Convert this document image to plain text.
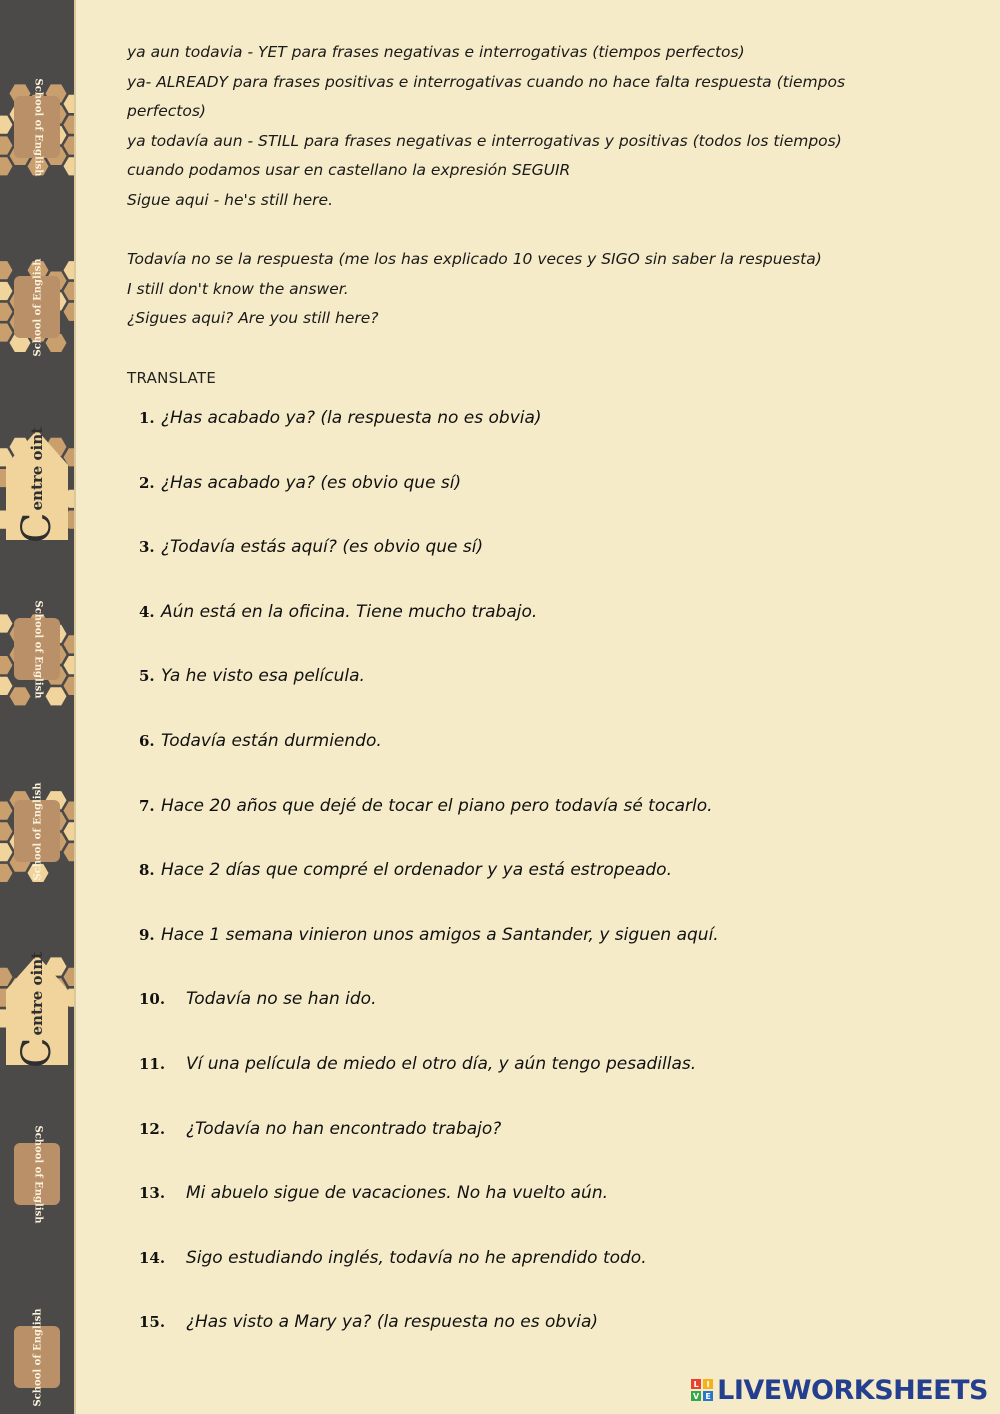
School of English
School of English
C
entre oint
School of English
School of English
C
entre oint
School of English
School of English

ya aun todavia - YET para frases negativas e interrogativas (tiempos perfectos)

ya- ALREADY para frases positivas e interrogativas cuando no hace falta respuesta (tiempos

perfectos)

ya todavía aun - STILL para frases negativas e interrogativas y positivas (todos los tiempos)

cuando podamos usar en castellano la expresión SEGUIR

Sigue aqui - he's still here.

Todavía no se la respuesta (me los has explicado 10 veces y SIGO sin saber la respuesta)

I still don't know the answer.

¿Sigues aqui? Are you still here?

TRANSLATE
1. ¿Has acabado ya? (la respuesta no es obvia)
2. ¿Has acabado ya? (es obvio que sí)
3. ¿Todavía estás aquí? (es obvio que sí)
4. Aún está en la oficina. Tiene mucho trabajo.
5. Ya he visto esa película.
6. Todavía están durmiendo.
7. Hace 20 años que dejé de tocar el piano pero todavía sé tocarlo.
8. Hace 2 días que compré el ordenador y ya está estropeado.
9. Hace 1 semana vinieron unos amigos a Santander, y siguen aquí.
10.	Todavía no se han ido.
11.	Ví una película de miedo el otro día, y aún tengo pesadillas.
12.	¿Todavía no han encontrado trabajo?
13.	Mi abuelo sigue de vacaciones. No ha vuelto aún.
14.	Sigo estudiando inglés, todavía no he aprendido todo.
15.	¿Has visto a Mary ya? (la respuesta no es obvia)
L I
V E LIVEWORKSHEETS
